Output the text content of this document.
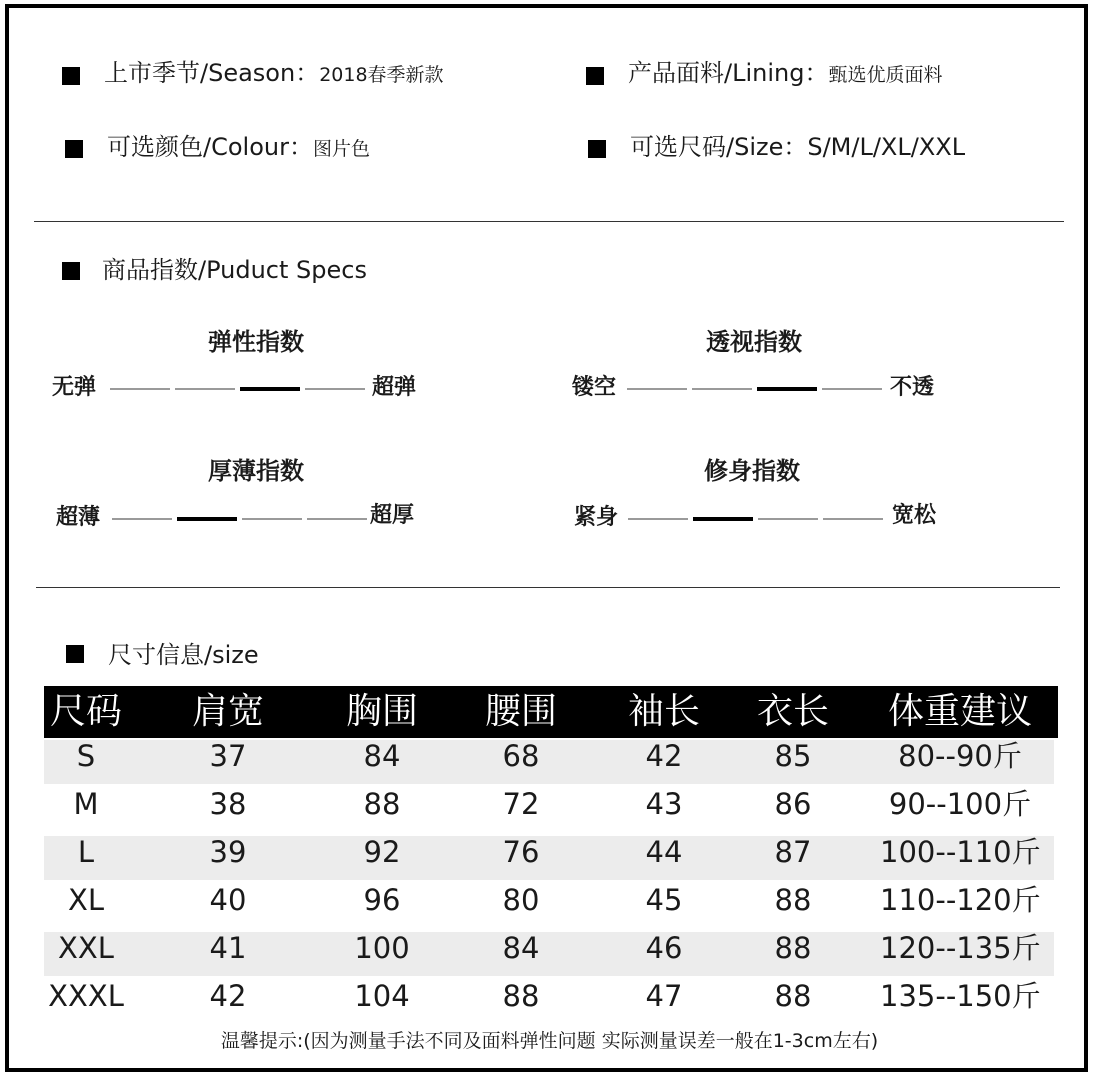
上市季节/Season：2018春季新款	产品面料/Lining：甄选优质面料
可选颜色/Colour：图片色	可选尺码/Size：S/M/L/XL/XXL
商品指数/Puduct Specs
弹性指数
无弹	超弹
透视指数
镂空	不透
厚薄指数
超薄	超厚
修身指数
紧身	宽松
尺寸信息/size
尺码	肩宽	胸围	腰围	袖长	衣长	体重建议
S	37	84	68	42	85	80--90斤
M	38	88	72	43	86	90--100斤
L	39	92	76	44	87	100--110斤
XL	40	96	80	45	88	110--120斤
XXL	41	100	84	46	88	120--135斤
XXXL	42	104	88	47	88	135--150斤
温馨提示:(因为测量手法不同及面料弹性问题 实际测量误差一般在1-3cm左右)
